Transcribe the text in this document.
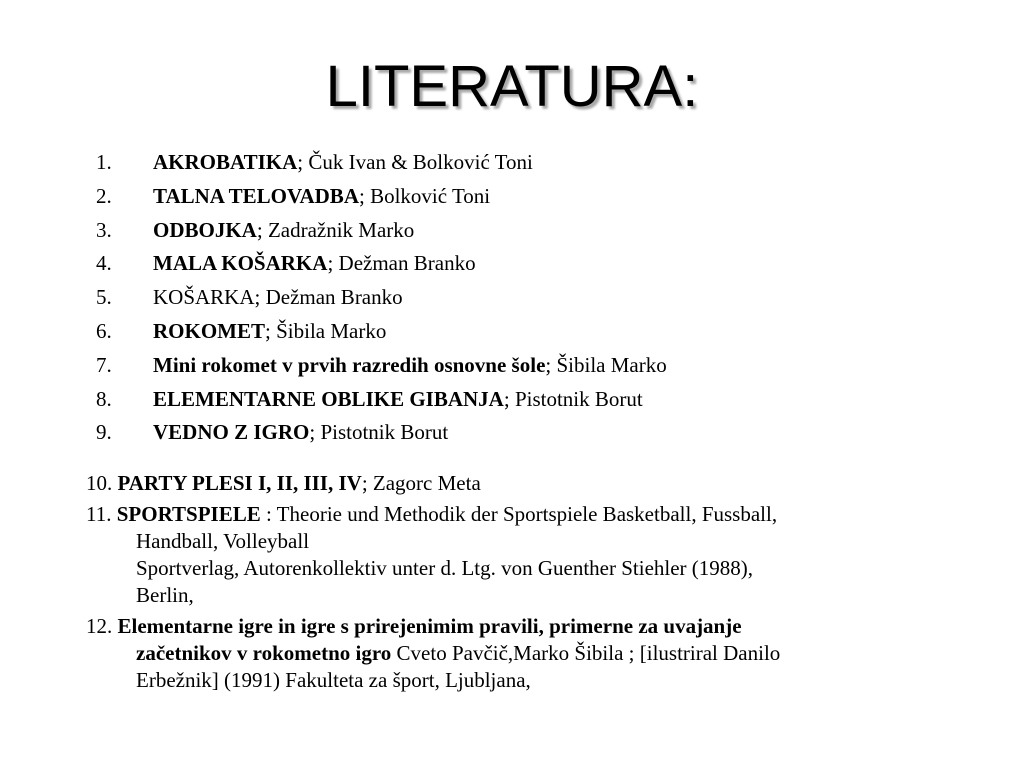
LITERATURA:
1. AKROBATIKA; Čuk Ivan & Bolković Toni
2. TALNA TELOVADBA; Bolković Toni
3. ODBOJKA; Zadražnik Marko
4. MALA KOŠARKA; Dežman Branko
5. KOŠARKA; Dežman Branko
6. ROKOMET; Šibila Marko
7. Mini rokomet v prvih razredih osnovne šole; Šibila Marko
8. ELEMENTARNE OBLIKE GIBANJA; Pistotnik Borut
9. VEDNO Z IGRO; Pistotnik Borut
10. PARTY PLESI I, II, III, IV; Zagorc Meta
11. SPORTSPIELE : Theorie und Methodik der Sportspiele Basketball, Fussball,
Handball, Volleyball
Sportverlag, Autorenkollektiv unter d. Ltg. von Guenther Stiehler (1988),
Berlin,
12. Elementarne igre in igre s prirejenimim pravili, primerne za uvajanje
začetnikov v rokometno igro Cveto Pavčič,Marko Šibila ; [ilustriral Danilo
Erbežnik] (1991) Fakulteta za šport, Ljubljana,
